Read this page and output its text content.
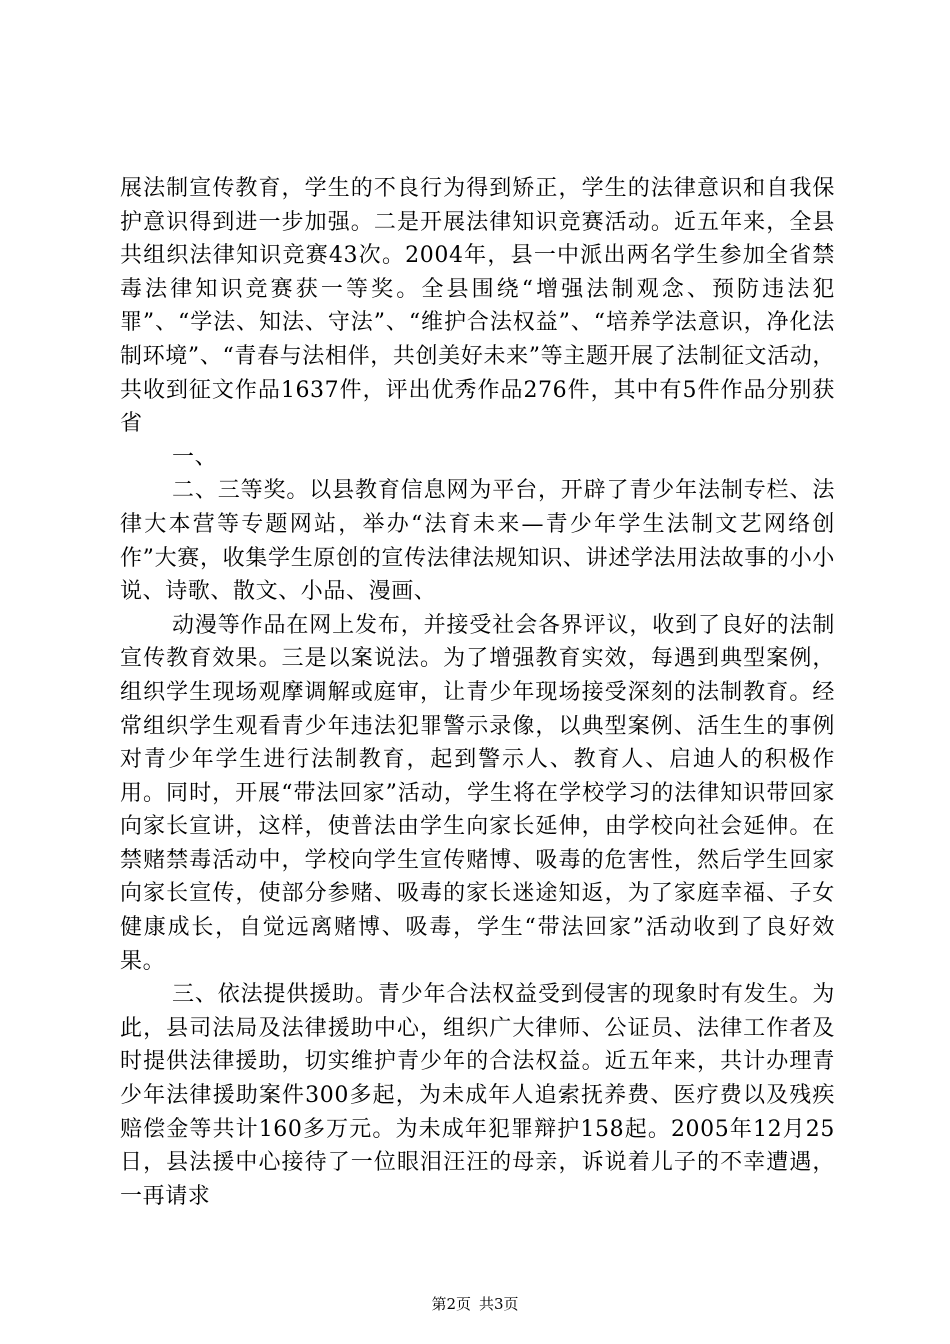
展法制宣传教育，学生的不良行为得到矫正，学生的法律意识和自我保护意识得到进一步加强。二是开展法律知识竞赛活动。近五年来，全县共组织法律知识竞赛43次。2004年，县一中派出两名学生参加全省禁毒法律知识竞赛获一等奖。全县围绕“增强法制观念、预防违法犯罪”、“学法、知法、守法”、“维护合法权益”、“培养学法意识，净化法制环境”、“青春与法相伴，共创美好未来”等主题开展了法制征文活动，共收到征文作品1637件，评出优秀作品276件，其中有5件作品分别获省

一、

二、三等奖。以县教育信息网为平台，开辟了青少年法制专栏、法律大本营等专题网站，举办“法育未来—青少年学生法制文艺网络创作”大赛，收集学生原创的宣传法律法规知识、讲述学法用法故事的小小说、诗歌、散文、小品、漫画、

动漫等作品在网上发布，并接受社会各界评议，收到了良好的法制宣传教育效果。三是以案说法。为了增强教育实效，每遇到典型案例，组织学生现场观摩调解或庭审，让青少年现场接受深刻的法制教育。经常组织学生观看青少年违法犯罪警示录像，以典型案例、活生生的事例对青少年学生进行法制教育，起到警示人、教育人、启迪人的积极作用。同时，开展“带法回家”活动，学生将在学校学习的法律知识带回家向家长宣讲，这样，使普法由学生向家长延伸，由学校向社会延伸。在禁赌禁毒活动中，学校向学生宣传赌博、吸毒的危害性，然后学生回家向家长宣传，使部分参赌、吸毒的家长迷途知返，为了家庭幸福、子女健康成长，自觉远离赌博、吸毒，学生“带法回家”活动收到了良好效果。

三、依法提供援助。青少年合法权益受到侵害的现象时有发生。为此，县司法局及法律援助中心，组织广大律师、公证员、法律工作者及时提供法律援助，切实维护青少年的合法权益。近五年来，共计办理青少年法律援助案件300多起，为未成年人追索抚养费、医疗费以及残疾赔偿金等共计160多万元。为未成年犯罪辩护158起。2005年12月25日，县法援中心接待了一位眼泪汪汪的母亲，诉说着儿子的不幸遭遇，一再请求

第2页 共3页
